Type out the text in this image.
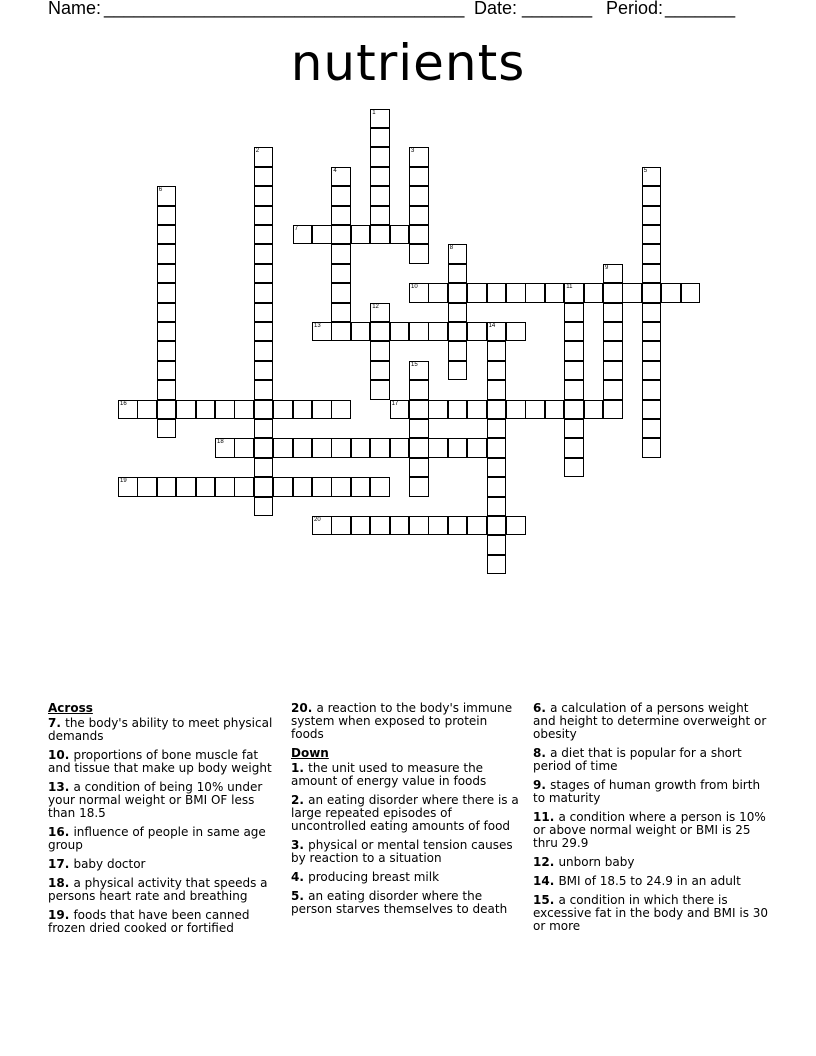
Name: ____________________________________ Date: _______ Period: _______
nutrients
1
2	3
4	5
6
7
8
9
10	11
12
13	14
15
16	17
18
19
20
Across
7. the body's ability to meet physical demands
10. proportions of bone muscle fat and tissue that make up body weight
13. a condition of being 10% under your normal weight or BMI OF less than 18.5
16. influence of people in same age group
17. baby doctor
18. a physical activity that speeds a persons heart rate and breathing
19. foods that have been canned frozen dried cooked or fortified
20. a reaction to the body's immune system when exposed to protein foods
Down
1. the unit used to measure the amount of energy value in foods
2. an eating disorder where there is a large repeated episodes of uncontrolled eating amounts of food
3. physical or mental tension causes by reaction to a situation
4. producing breast milk
5. an eating disorder where the person starves themselves to death
6. a calculation of a persons weight and height to determine overweight or obesity
8. a diet that is popular for a short period of time
9. stages of human growth from birth to maturity
11. a condition where a person is 10% or above normal weight or BMI is 25 thru 29.9
12. unborn baby
14. BMI of 18.5 to 24.9 in an adult
15. a condition in which there is excessive fat in the body and BMI is 30 or more
